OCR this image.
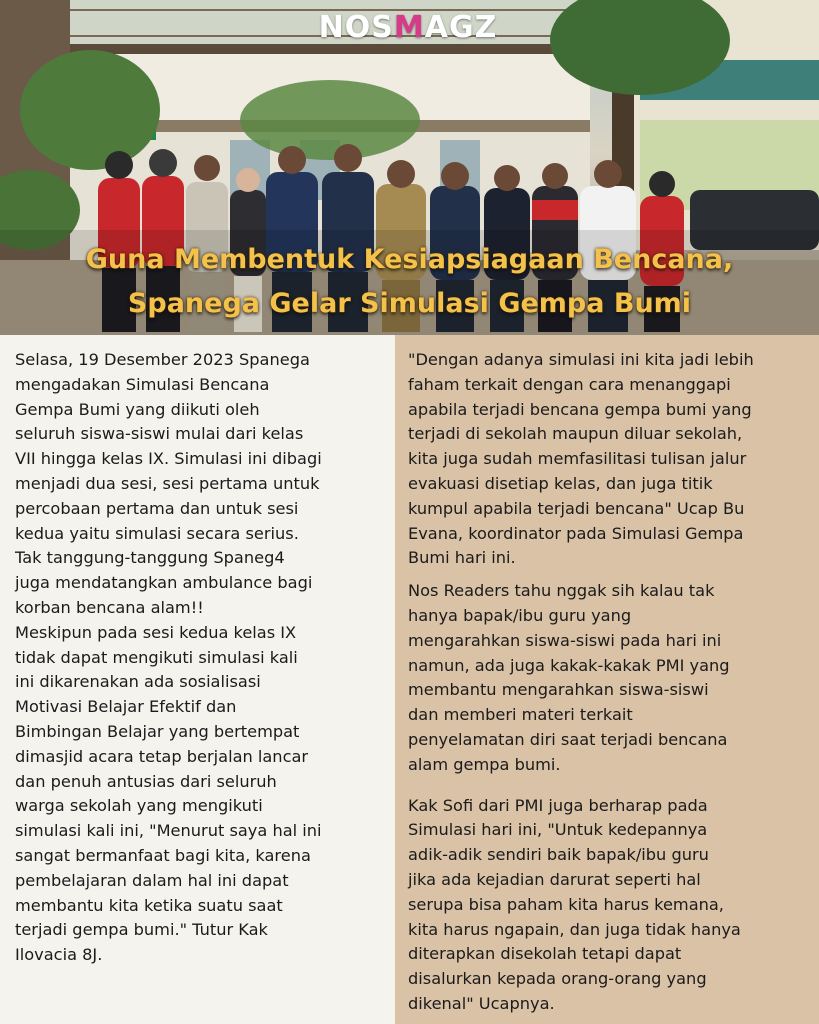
NOSMAGZ
Guna Membentuk Kesiapsiagaan Bencana,
Spanega Gelar Simulasi Gempa Bumi

Selasa, 19 Desember 2023 Spanega
mengadakan Simulasi Bencana
Gempa Bumi yang diikuti oleh
seluruh siswa-siswi mulai dari kelas
VII hingga kelas IX. Simulasi ini dibagi
menjadi dua sesi, sesi pertama untuk
percobaan pertama dan untuk sesi
kedua yaitu simulasi secara serius.
Tak tanggung-tanggung Spaneg4
juga mendatangkan ambulance bagi
korban bencana alam!!
Meskipun pada sesi kedua kelas IX
tidak dapat mengikuti simulasi kali
ini dikarenakan ada sosialisasi
Motivasi Belajar Efektif dan
Bimbingan Belajar yang bertempat
dimasjid acara tetap berjalan lancar
dan penuh antusias dari seluruh
warga sekolah yang mengikuti
simulasi kali ini, "Menurut saya hal ini
sangat bermanfaat bagi kita, karena
pembelajaran dalam hal ini dapat
membantu kita ketika suatu saat
terjadi gempa bumi." Tutur Kak
Ilovacia 8J.

"Dengan adanya simulasi ini kita jadi lebih
faham terkait dengan cara menanggapi
apabila terjadi bencana gempa bumi yang
terjadi di sekolah maupun diluar sekolah,
kita juga sudah memfasilitasi tulisan jalur
evakuasi disetiap kelas, dan juga titik
kumpul apabila terjadi bencana" Ucap Bu
Evana, koordinator pada Simulasi Gempa
Bumi hari ini.

Nos Readers tahu nggak sih kalau tak
hanya bapak/ibu guru yang
mengarahkan siswa-siswi pada hari ini
namun, ada juga kakak-kakak PMI yang
membantu mengarahkan siswa-siswi
dan memberi materi terkait
penyelamatan diri saat terjadi bencana
alam gempa bumi.

Kak Sofi dari PMI juga berharap pada
Simulasi hari ini, "Untuk kedepannya
adik-adik sendiri baik bapak/ibu guru
jika ada kejadian darurat seperti hal
serupa bisa paham kita harus kemana,
kita harus ngapain, dan juga tidak hanya
diterapkan disekolah tetapi dapat
disalurkan kepada orang-orang yang
dikenal" Ucapnya.
